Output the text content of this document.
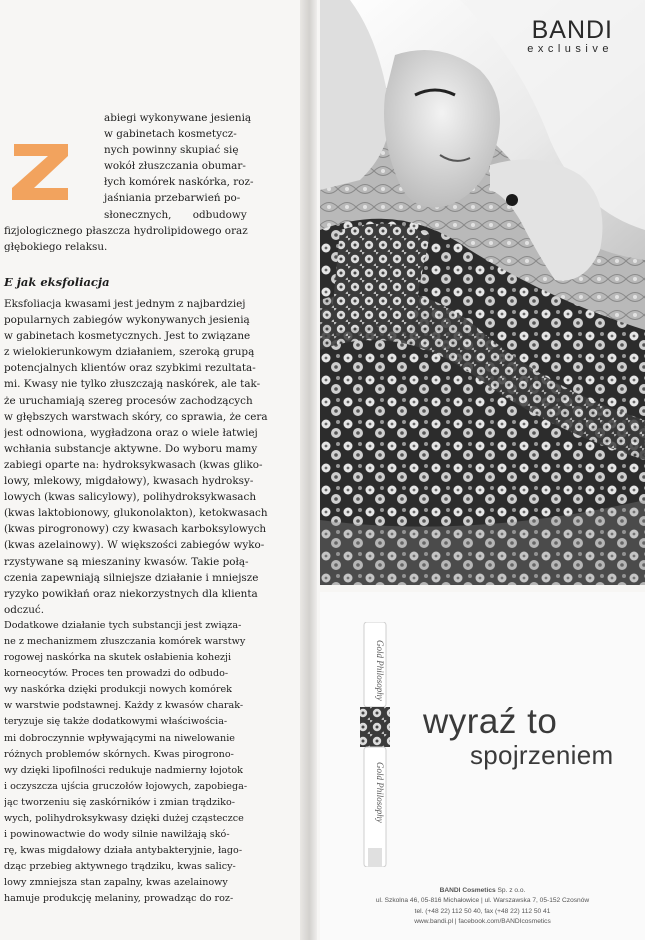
abiegi wykonywane jesienią
w gabinetach kosmetycz-
nych powinny skupiać się
wokół złuszczania obumar-
łych komórek naskórka, roz-
jaśniania przebarwień po-
słonecznych, odbudowy
fizjologicznego płaszcza hydrolipidowego oraz
głębokiego relaksu.
E jak eksfoliacja
Eksfoliacja kwasami jest jednym z najbardziej
popularnych zabiegów wykonywanych jesienią
w gabinetach kosmetycznych. Jest to związane
z wielokierunkowym działaniem, szeroką grupą
potencjalnych klientów oraz szybkimi rezultata-
mi. Kwasy nie tylko złuszczają naskórek, ale tak-
że uruchamiają szereg procesów zachodzących
w głębszych warstwach skóry, co sprawia, że cera
jest odnowiona, wygładzona oraz o wiele łatwiej
wchłania substancje aktywne. Do wyboru mamy
zabiegi oparte na: hydroksykwasach (kwas gliko-
lowy, mlekowy, migdałowy), kwasach hydroksy-
lowych (kwas salicylowy), polihydroksykwasach
(kwas laktobionowy, glukonolakton), ketokwasach
(kwas pirogronowy) czy kwasach karboksylowych
(kwas azelainowy). W większości zabiegów wyko-
rzystywane są mieszaniny kwasów. Takie połą-
czenia zapewniają silniejsze działanie i mniejsze
ryzyko powikłań oraz niekorzystnych dla klienta
odczuć.
Dodatkowe działanie tych substancji jest związa-
ne z mechanizmem złuszczania komórek warstwy
rogowej naskórka na skutek osłabienia kohezji
korneocytów. Proces ten prowadzi do odbudo-
wy naskórka dzięki produkcji nowych komórek
w warstwie podstawnej. Każdy z kwasów charak-
teryzuje się także dodatkowymi właściwościa-
mi dobroczynnie wpływającymi na niwelowanie
różnych problemów skórnych. Kwas pirogrono-
wy dzięki lipofilności redukuje nadmierny łojotok
i oczyszcza ujścia gruczołów łojowych, zapobiega-
jąc tworzeniu się zaskórników i zmian trądziko-
wych, polihydroksykwasy dzięki dużej cząsteczce
i powinowactwie do wody silnie nawilżają skó-
rę, kwas migdałowy działa antybakteryjnie, łago-
dząc przebieg aktywnego trądziku, kwas salicy-
lowy zmniejsza stan zapalny, kwas azelainowy
hamuje produkcję melaniny, prowadząc do roz-
BANDI
exclusive
Gold Philosophy
Gold Philosophy
wyraź to
spojrzeniem
BANDI Cosmetics Sp. z o.o.
ul. Szkolna 46, 05-816 Michałowice | ul. Warszawska 7, 05-152 Czosnów
tel. (+48 22) 112 50 40, fax (+48 22) 112 50 41
www.bandi.pl | facebook.com/BANDIcosmetics
